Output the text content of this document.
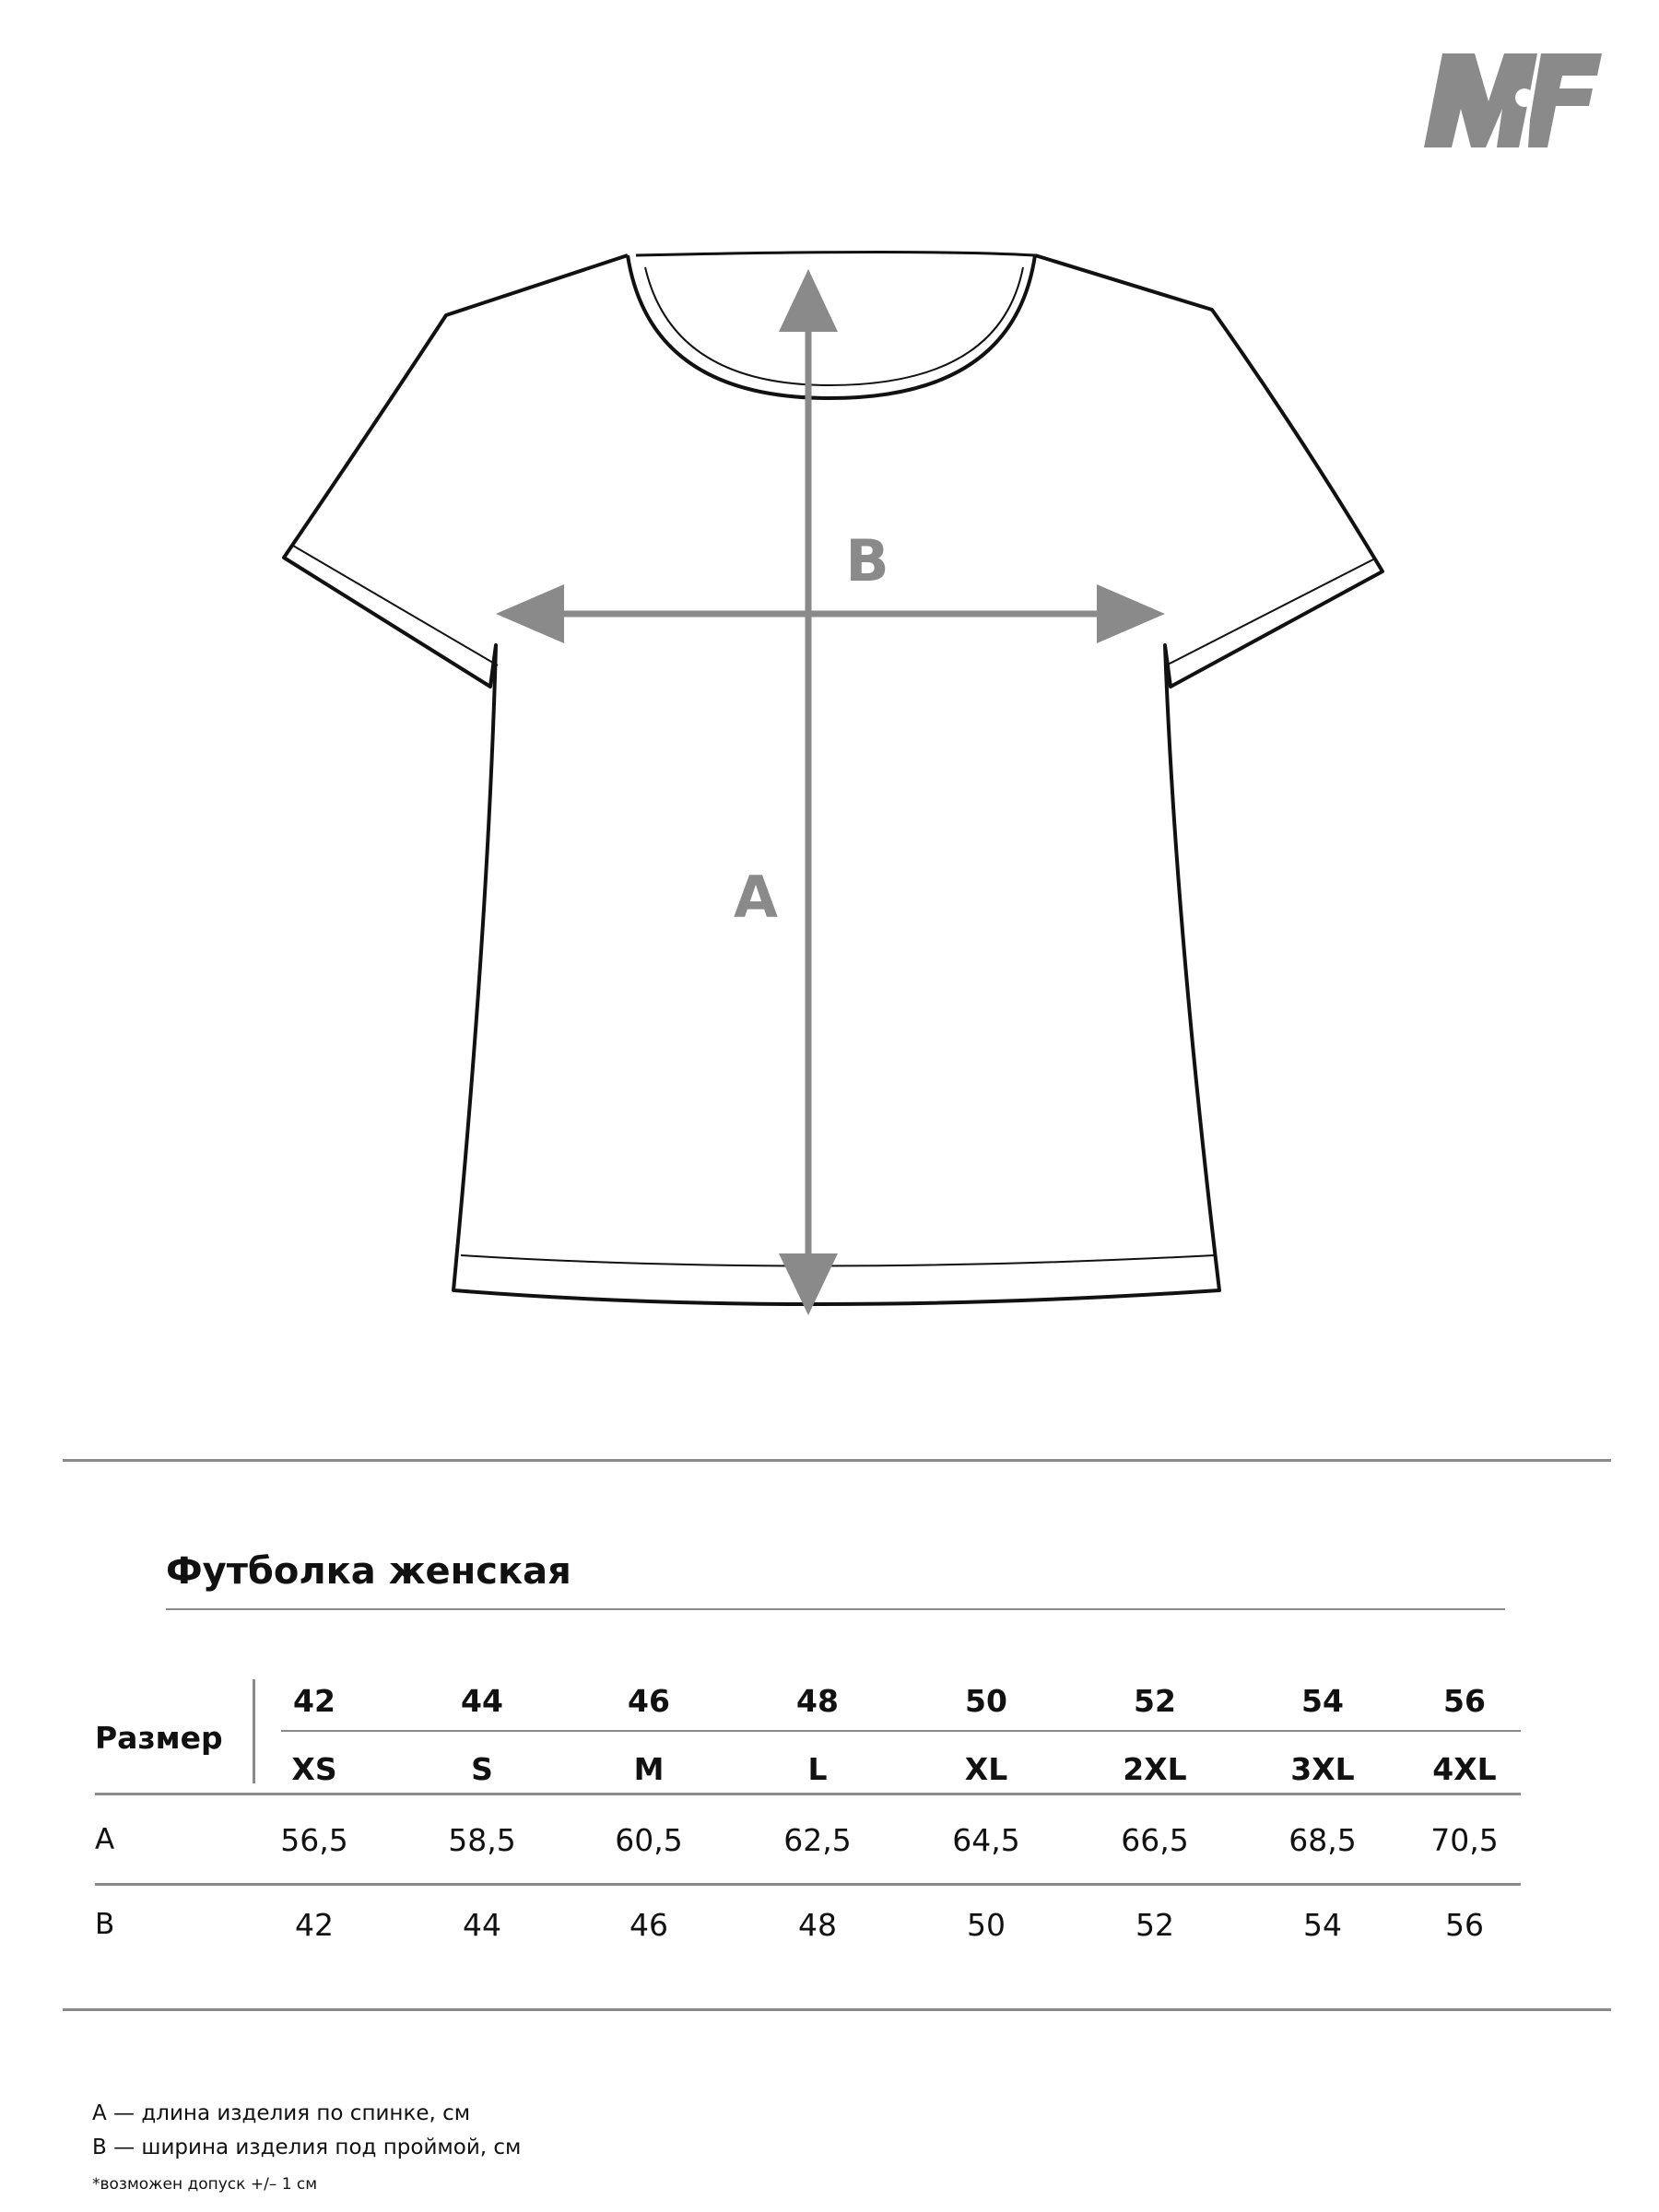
B
A
Футболка женская
Размер
42
XS
56,5
42
44
S
58,5
44
46
M
60,5
46
48
L
62,5
48
50
XL
64,5
50
52
2XL
66,5
52
54
3XL
68,5
54
56
4XL
70,5
56
A
B
A — длина изделия по спинке, см
B — ширина изделия под проймой, см
*возможен допуск +/– 1 см
